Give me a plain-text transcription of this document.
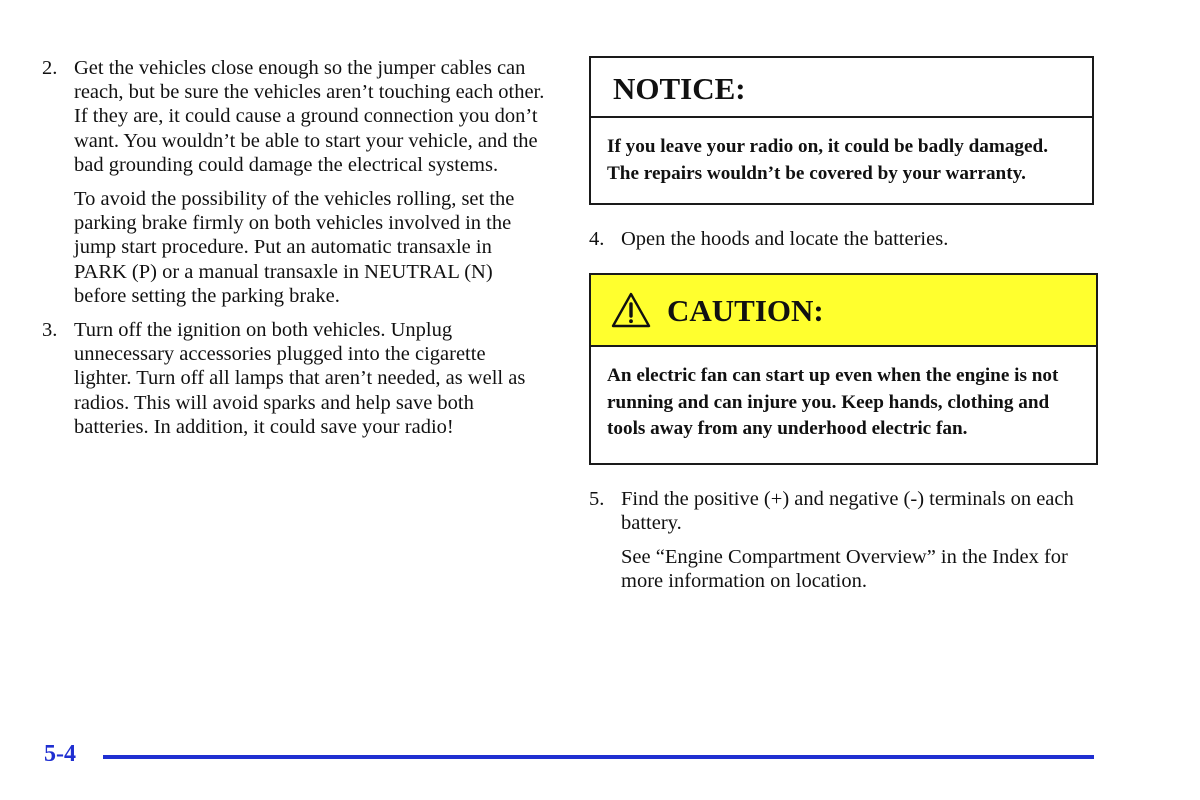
2. Get the vehicles close enough so the jumper cables can reach, but be sure the vehicles aren’t touching each other. If they are, it could cause a ground connection you don’t want. You wouldn’t be able to start your vehicle, and the bad grounding could damage the electrical systems.

To avoid the possibility of the vehicles rolling, set the parking brake firmly on both vehicles involved in the jump start procedure. Put an automatic transaxle in PARK (P) or a manual transaxle in NEUTRAL (N) before setting the parking brake.

3. Turn off the ignition on both vehicles. Unplug unnecessary accessories plugged into the cigarette lighter. Turn off all lamps that aren’t needed, as well as radios. This will avoid sparks and help save both batteries. In addition, it could save your radio!

NOTICE:
If you leave your radio on, it could be badly damaged. The repairs wouldn’t be covered by your warranty.
4. Open the hoods and locate the batteries.

CAUTION:
An electric fan can start up even when the engine is not running and can injure you. Keep hands, clothing and tools away from any underhood electric fan.
5. Find the positive (+) and negative (-) terminals on each battery.

See “Engine Compartment Overview” in the Index for more information on location.

5-4
